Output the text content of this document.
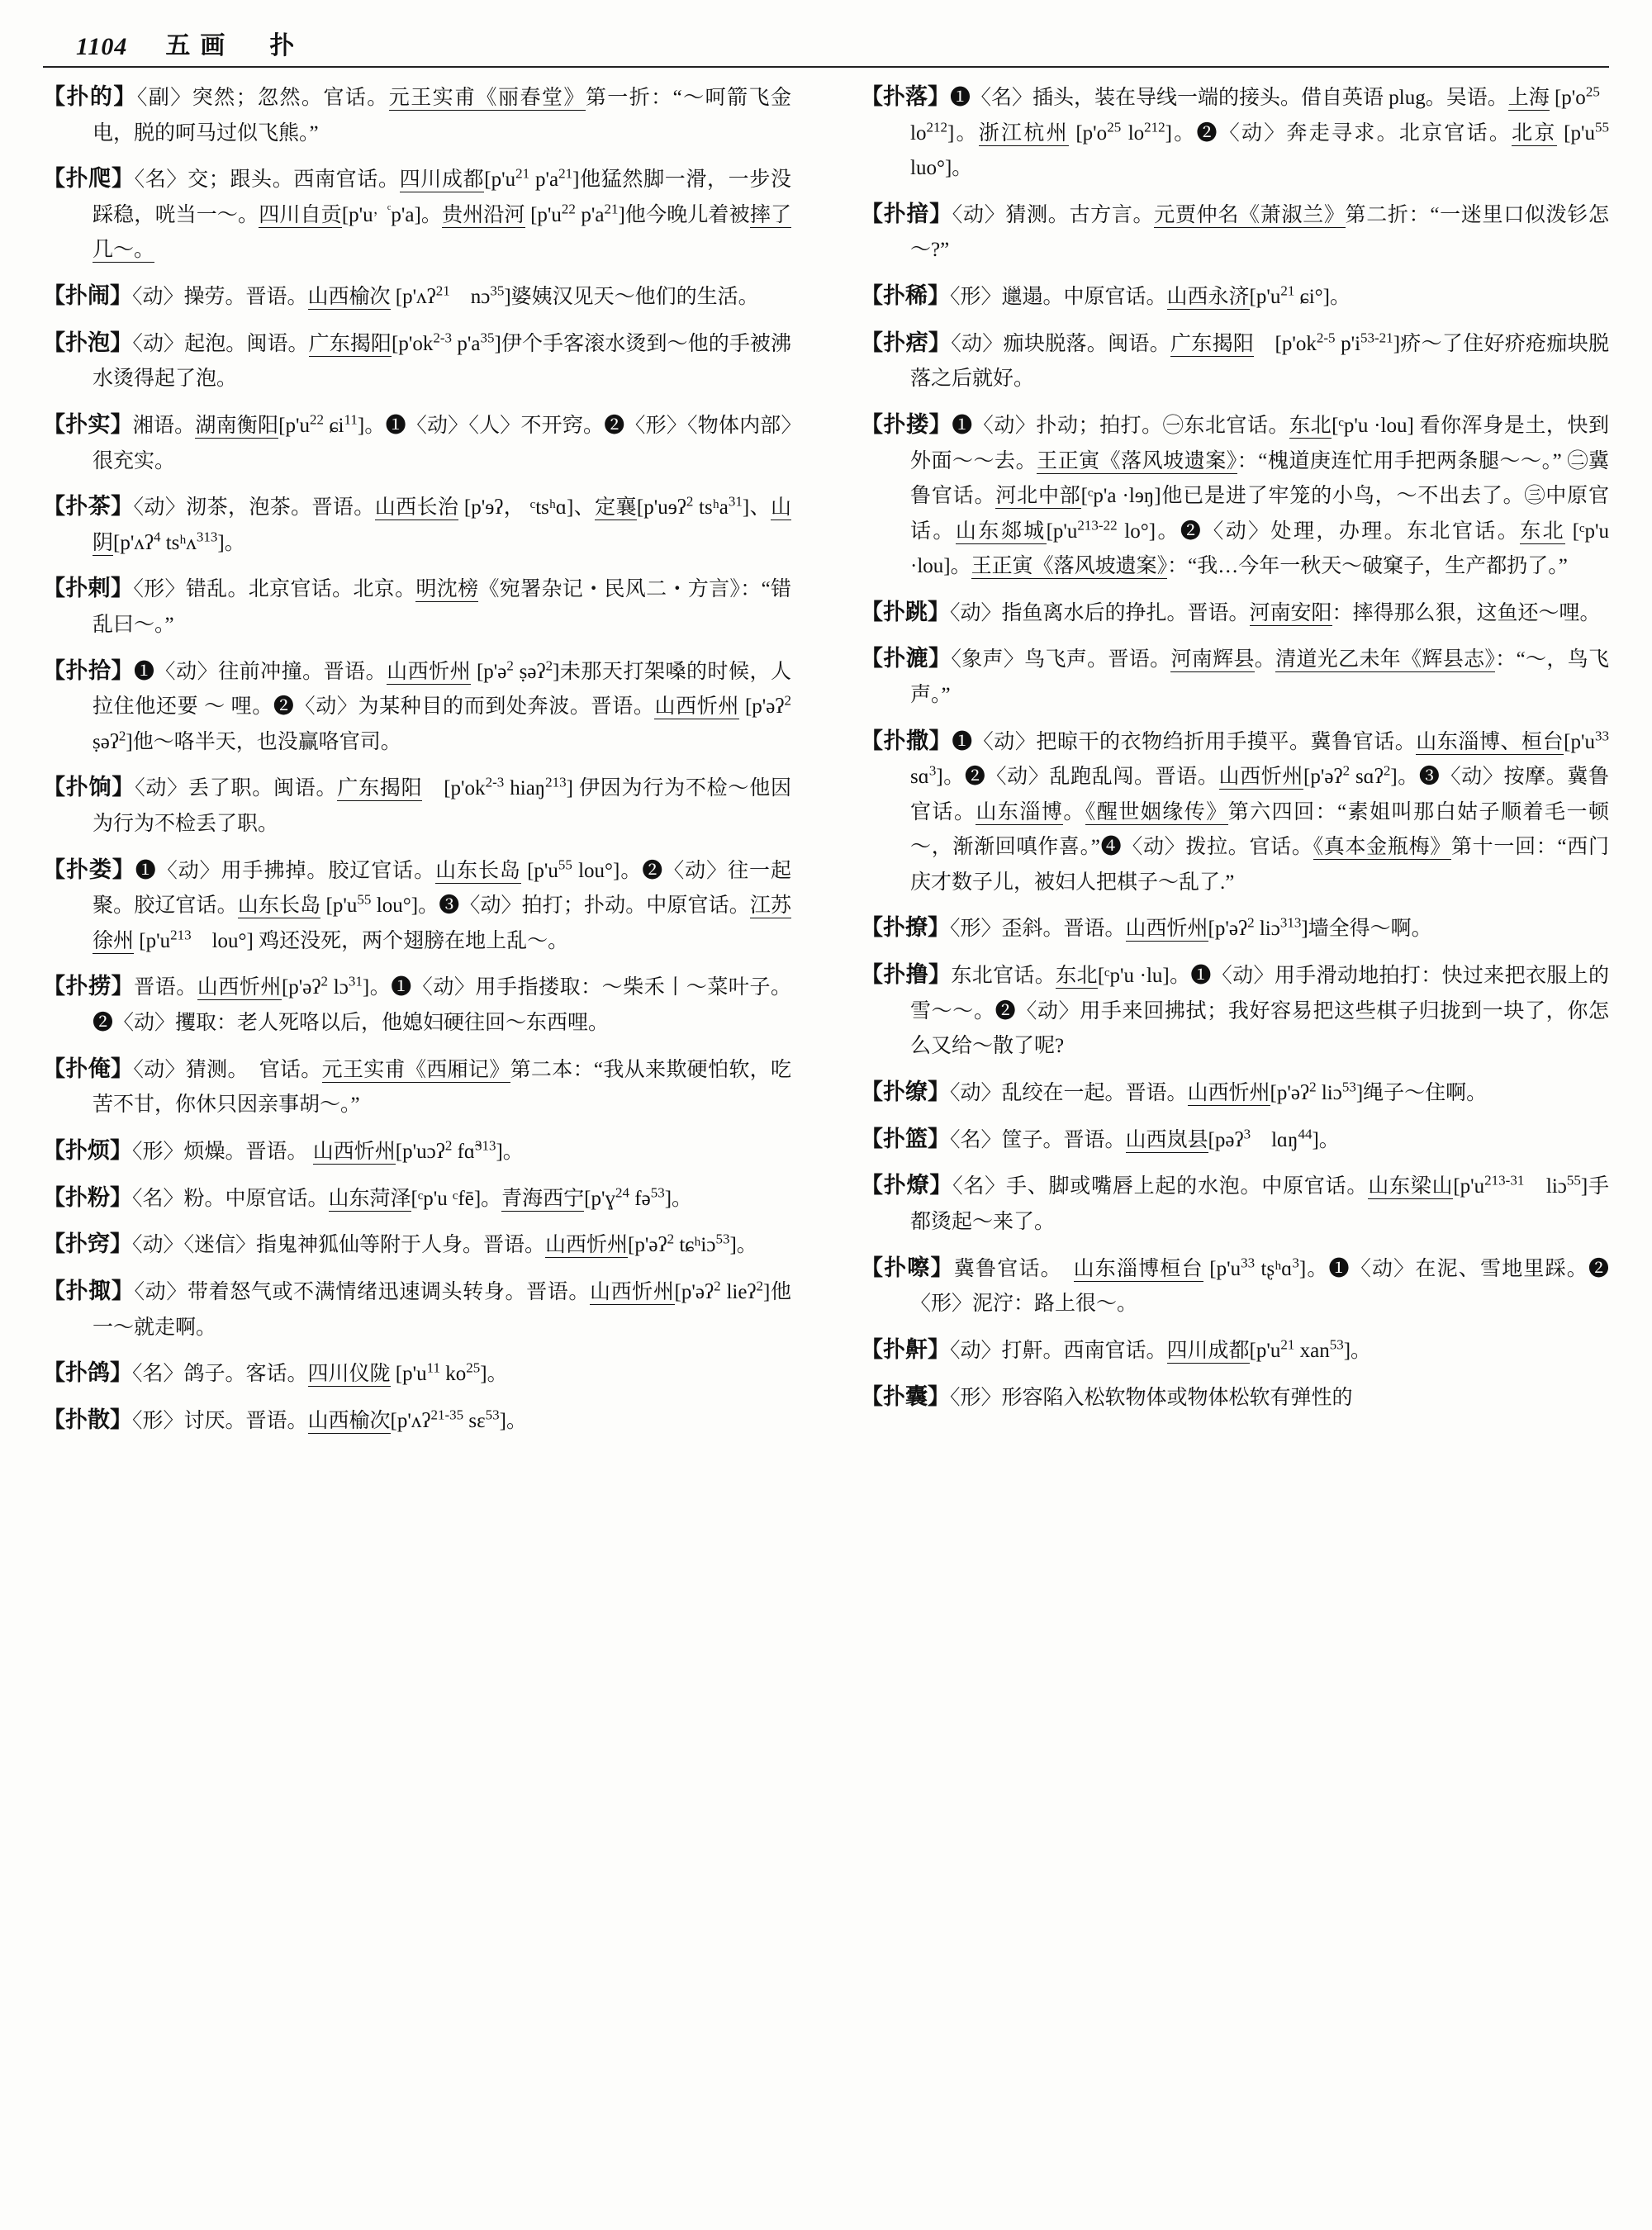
1104 五画　扑

【扑的】〈副〉突然；忽然。官话。元王实甫《丽春堂》第一折：“～呵箭飞金电，脱的呵马过似飞熊。”

【扑爬】〈名〉交；跟头。西南官话。四川成都[$p'u^{21}$ $p'a^{21}$]他猛然脚一滑，一步没踩稳，咣当一～。四川自贡$[p'u^{,ᶜ}p'a]$。贵州沿河 [$p'u^{22}$ $p'a^{21}$]他今晚儿着被摔了几～。

【扑闹】〈动〉操劳。晋语。山西榆次 [p'ʌʔ$^{21}$　nɔ$^{35}$]婆姨汉见天～他们的生活。

【扑泡】〈动〉起泡。闽语。广东揭阳[$p'ok^{2-3}$ $p'a^{35}$]伊个手客滚水烫到～他的手被沸水烫得起了泡。

【扑实】湘语。湖南衡阳[$p'u^{22}$ ɕi$^{11}$]。❶〈动〉〈人〉不开窍。❷〈形〉〈物体内部〉很充实。

【扑茶】〈动〉沏茶，泡茶。晋语。山西长治 [p'ɘʔ， ᶜtsʰɑ]、定襄[p'uɘʔ$^2$ tsʰa$^{31}$]、山阴[p'ʌʔ$^4$ tsʰʌ$^{313}$]。

【扑剌】〈形〉错乱。北京官话。北京。明沈榜《宛署杂记・民风二・方言》：“错乱曰～。”

【扑拾】❶〈动〉往前冲撞。晋语。山西忻州 [p'ə$^2$ ṣəʔ$^2$]未那天打架嗓的时候，人拉住他还要 ～ 哩。❷〈动〉为某种目的而到处奔波。晋语。山西忻州 [p'əʔ$^2$ ṣəʔ$^2$]他～咯半天，也没赢咯官司。

【扑饷】〈动〉丢了职。闽语。广东揭阳　[$p'ok^{2-3}$ hiaŋ$^{213}$] 伊因为行为不检～他因为行为不检丢了职。

【扑娄】❶〈动〉用手拂掉。胶辽官话。山东长岛 [$p'u^{55}$ lou°]。❷〈动〉往一起聚。胶辽官话。山东长岛 [$p'u^{55}$ lou°]。❸〈动〉拍打；扑动。中原官话。江苏徐州 [$p'u^{213}$　lou°] 鸡还没死，两个翅膀在地上乱～。

【扑捞】晋语。山西忻州[p'əʔ$^2$ lɔ$^{31}$]。❶〈动〉用手指搂取：～柴禾丨～菜叶子。❷〈动〉攫取：老人死咯以后，他媳妇硬往回～东西哩。

【扑俺】〈动〉猜测。　官话。元王实甫《西厢记》第二本：“我从来欺硬怕软，吃苦不甘，你休只因亲事胡～。”

【扑烦】〈形〉烦燥。晋语。 山西忻州[p'uɔʔ$^2$ fɑ̃$^{313}$]。

【扑粉】〈名〉粉。中原官话。山东菏泽[ᶜp'u ᶜfē]。青海西宁[p'ɣ$^{24}$ fə$^{53}$]。

【扑窍】〈动〉〈迷信〉指鬼神狐仙等附于人身。晋语。山西忻州[p'əʔ$^2$ tɕʰiɔ$^{53}$]。

【扑掫】〈动〉带着怒气或不满情绪迅速调头转身。晋语。山西忻州[p'əʔ$^2$ lieʔ$^2$]他一～就走啊。

【扑鸽】〈名〉鸽子。客话。四川仪陇 [$p'u^{11}$ $ko^{25}$]。

【扑散】〈形〉讨厌。晋语。山西榆次[p'ʌʔ$^{21-35}$ sɛ$^{53}$]。

【扑落】❶〈名〉插头，装在导线一端的接头。借自英语 plug。吴语。上海 [$p'o^{25}$　$lo^{212}$]。浙江杭州 [$p'o^{25}$ $lo^{212}$]。❷〈动〉奔走寻求。北京官话。北京 [$p'u^{55}$ luo°]。

【扑揞】〈动〉猜测。古方言。元贾仲名《萧淑兰》第二折：“一迷里口似泼钐怎～?”

【扑稀】〈形〉邋遢。中原官话。山西永济[$p'u^{21}$ ɕi°]。

【扑痞】〈动〉痂块脱落。闽语。广东揭阳　[$p'ok^{2-5}$ $p'i^{53-21}$]疥～了住好疥疮痂块脱落之后就好。

【扑搂】❶〈动〉扑动；拍打。㊀东北官话。东北[ᶜp'u ·lou] 看你浑身是土，快到外面～～去。王正寅《落风坡遗案》：“槐道庚连忙用手把两条腿～～。” ㊁冀鲁官话。河北中部[ᶜp'a ·lɘŋ]他已是进了牢笼的小鸟，～不出去了。㊂中原官话。山东郯城[$p'u^{213-22}$ lo°]。❷〈动〉处理，办理。东北官话。东北 [ᶜp'u ·lou]。王正寅《落风坡遗案》：“我…今年一秋天～破窠子，生产都扔了。”

【扑跳】〈动〉指鱼离水后的挣扎。晋语。河南安阳：摔得那么狠，这鱼还～哩。

【扑漉】〈象声〉鸟飞声。晋语。河南辉县。清道光乙未年《辉县志》：“～，鸟飞声。”

【扑撒】❶〈动〉把晾干的衣物绉折用手摸平。冀鲁官话。山东淄博、桓台[$p'u^{33}$ sɑ$^3$]。❷〈动〉乱跑乱闯。晋语。山西忻州[p'əʔ$^2$ sɑʔ$^2$]。❸〈动〉按摩。冀鲁官话。山东淄博。《醒世姻缘传》第六四回：“素姐叫那白姑子顺着毛一顿～，渐渐回嗔作喜。”❹〈动〉拨拉。官话。《真本金瓶梅》第十一回：“西门庆才数子儿，被妇人把棋子～乱了.”

【扑撩】〈形〉歪斜。晋语。山西忻州[p'əʔ$^2$ liɔ$^{313}$]墙全得～啊。

【扑撸】东北官话。东北[ᶜp'u ·lu]。❶〈动〉用手滑动地拍打：快过来把衣服上的雪～～。❷〈动〉用手来回拂拭；我好容易把这些棋子归拢到一块了，你怎么又给～散了呢?

【扑缭】〈动〉乱绞在一起。晋语。山西忻州[p'əʔ$^2$ liɔ$^{53}$]绳子～住啊。

【扑篮】〈名〉筐子。晋语。山西岚县[pəʔ$^3$　lɑŋ$^{44}$]。

【扑燎】〈名〉手、脚或嘴唇上起的水泡。中原官话。山东梁山[$p'u^{213-31}$　liɔ$^{55}$]手都烫起～来了。

【扑嚓】冀鲁官话。　山东淄博桓台 [$p'u^{33}$ tʂʰɑ$^3$]。❶〈动〉在泥、雪地里踩。❷〈形〉泥泞：路上很～。

【扑鼾】〈动〉打鼾。西南官话。四川成都[$p'u^{21}$ xan$^{53}$]。

【扑囊】〈形〉形容陷入松软物体或物体松软有弹性的
